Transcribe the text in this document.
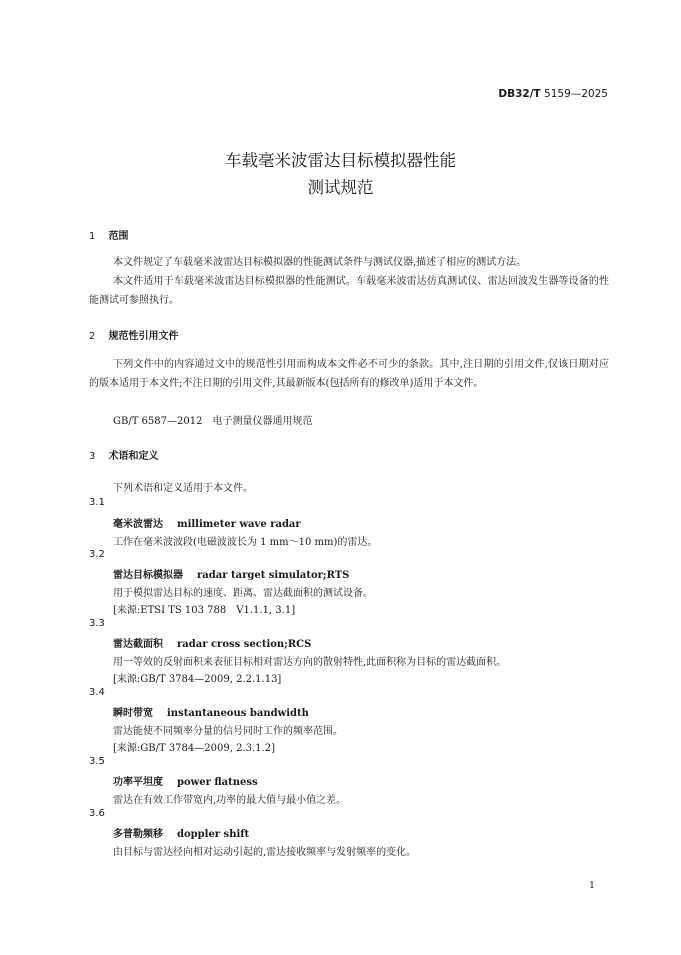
DB32/T 5159—2025
车载毫米波雷达目标模拟器性能
测试规范
1 范围
本文件规定了车载毫米波雷达目标模拟器的性能测试条件与测试仪器,描述了相应的测试方法。
本文件适用于车载毫米波雷达目标模拟器的性能测试。车载毫米波雷达仿真测试仪、雷达回波发生器等设备的性能测试可参照执行。
2 规范性引用文件
下列文件中的内容通过文中的规范性引用而构成本文件必不可少的条款。其中,注日期的引用文件,仅该日期对应的版本适用于本文件;不注日期的引用文件,其最新版本(包括所有的修改单)适用于本文件。
GB/T 6587—2012　电子测量仪器通用规范
3 术语和定义
下列术语和定义适用于本文件。
3.1
毫米波雷达 millimeter wave radar
工作在毫米波波段(电磁波波长为 1 mm～10 mm)的雷达。
3.2
雷达目标模拟器 radar target simulator;RTS
用于模拟雷达目标的速度、距离、雷达截面积的测试设备。
[来源:ETSI TS 103 788　V1.1.1, 3.1]
3.3
雷达截面积 radar cross section;RCS
用一等效的反射面积来表征目标相对雷达方向的散射特性,此面积称为目标的雷达截面积。
[来源:GB/T 3784—2009, 2.2.1.13]
3.4
瞬时带宽 instantaneous bandwidth
雷达能使不同频率分量的信号同时工作的频率范围。
[来源:GB/T 3784—2009, 2.3.1.2]
3.5
功率平坦度 power flatness
雷达在有效工作带宽内,功率的最大值与最小值之差。
3.6
多普勒频移 doppler shift
由目标与雷达径向相对运动引起的,雷达接收频率与发射频率的变化。
1
